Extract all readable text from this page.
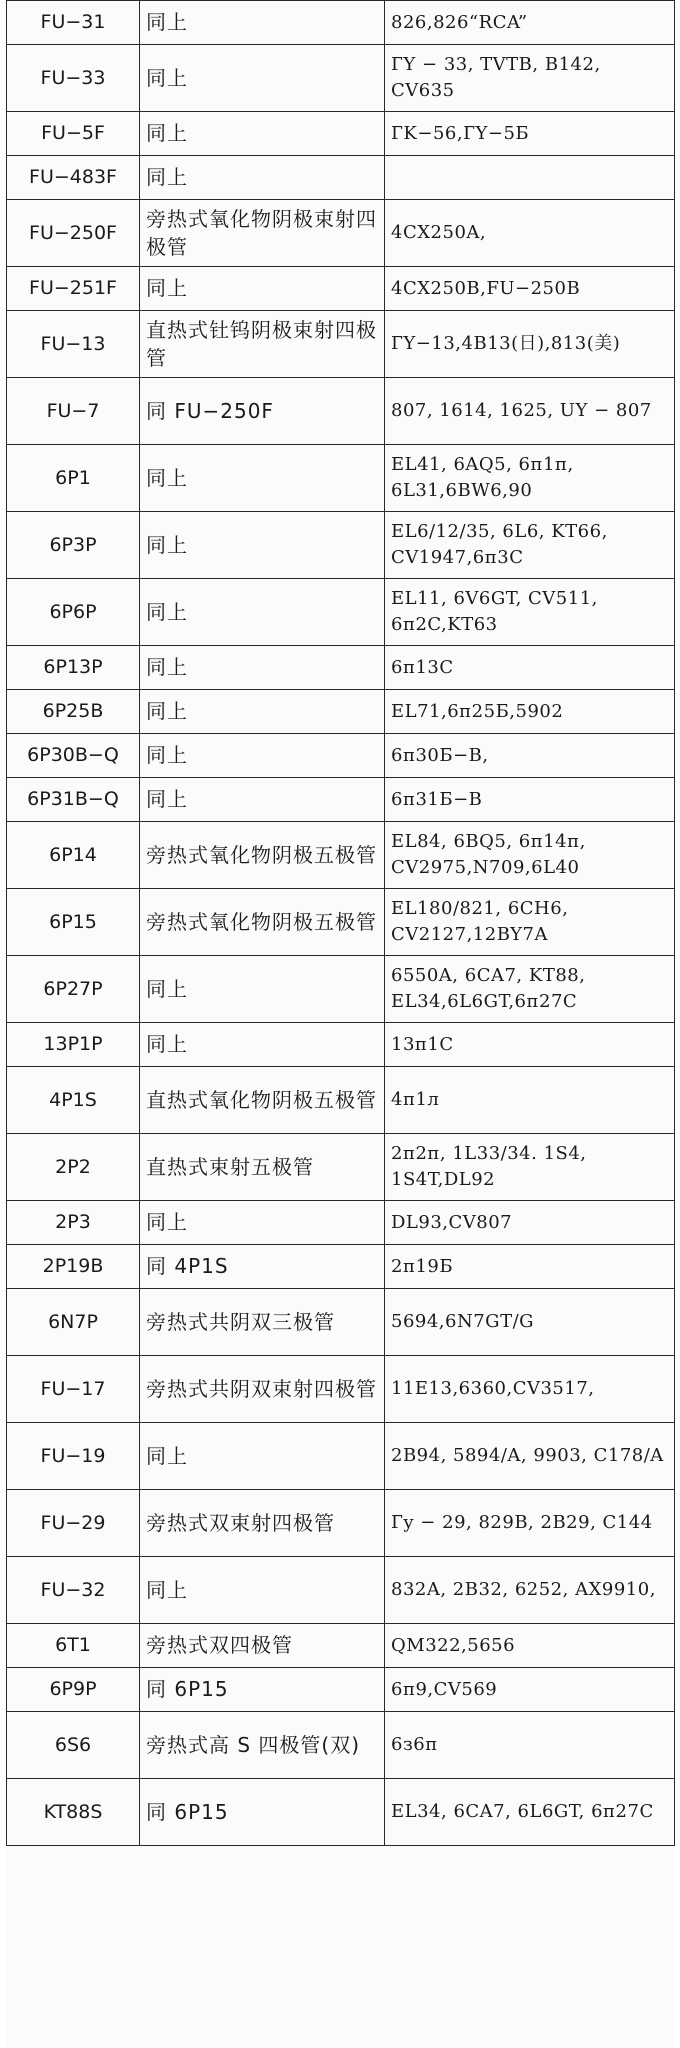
FU−31	同上	826,826“RCA”
FU−33	同上	ГY − 33, TVTB, B142, CV635
FU−5F	同上	ГK−56,ГY−5Б
FU−483F	同上	
FU−250F	旁热式氧化物阴极束射四极管	4CX250A,
FU−251F	同上	4CX250B,FU−250B
FU−13	直热式钍钨阴极束射四极管	ГY−13,4B13(日),813(美)
FU−7	同 FU−250F	807, 1614, 1625, UY − 807
6P1	同上	EL41, 6AQ5, 6п1п, 6L31,6BW6,90
6P3P	同上	EL6/12/35, 6L6, KT66, CV1947,6п3C
6P6P	同上	EL11, 6V6GT, CV511, 6п2C,KT63
6P13P	同上	6п13C
6P25B	同上	EL71,6п25Б,5902
6P30B−Q	同上	6п30Б−B,
6P31B−Q	同上	6п31Б−B
6P14	旁热式氧化物阴极五极管	EL84, 6BQ5, 6п14п, CV2975,N709,6L40
6P15	旁热式氧化物阴极五极管	EL180/821, 6CH6, CV2127,12BY7A
6P27P	同上	6550A, 6CA7, KT88, EL34,6L6GT,6п27C
13P1P	同上	13п1C
4P1S	直热式氧化物阴极五极管	4п1л
2P2	直热式束射五极管	2п2п, 1L33/34. 1S4, 1S4T,DL92
2P3	同上	DL93,CV807
2P19B	同 4P1S	2п19Б
6N7P	旁热式共阴双三极管	5694,6N7GT/G
FU−17	旁热式共阴双束射四极管	11E13,6360,CV3517,
FU−19	同上	2B94, 5894/A, 9903, C178/A
FU−29	旁热式双束射四极管	Гy − 29, 829B, 2B29, C144
FU−32	同上	832A, 2B32, 6252, AX9910,
6T1	旁热式双四极管	QM322,5656
6P9P	同 6P15	6п9,CV569
6S6	旁热式高 S 四极管(双)	6з6п
KT88S	同 6P15	EL34, 6CA7, 6L6GT, 6п27C
